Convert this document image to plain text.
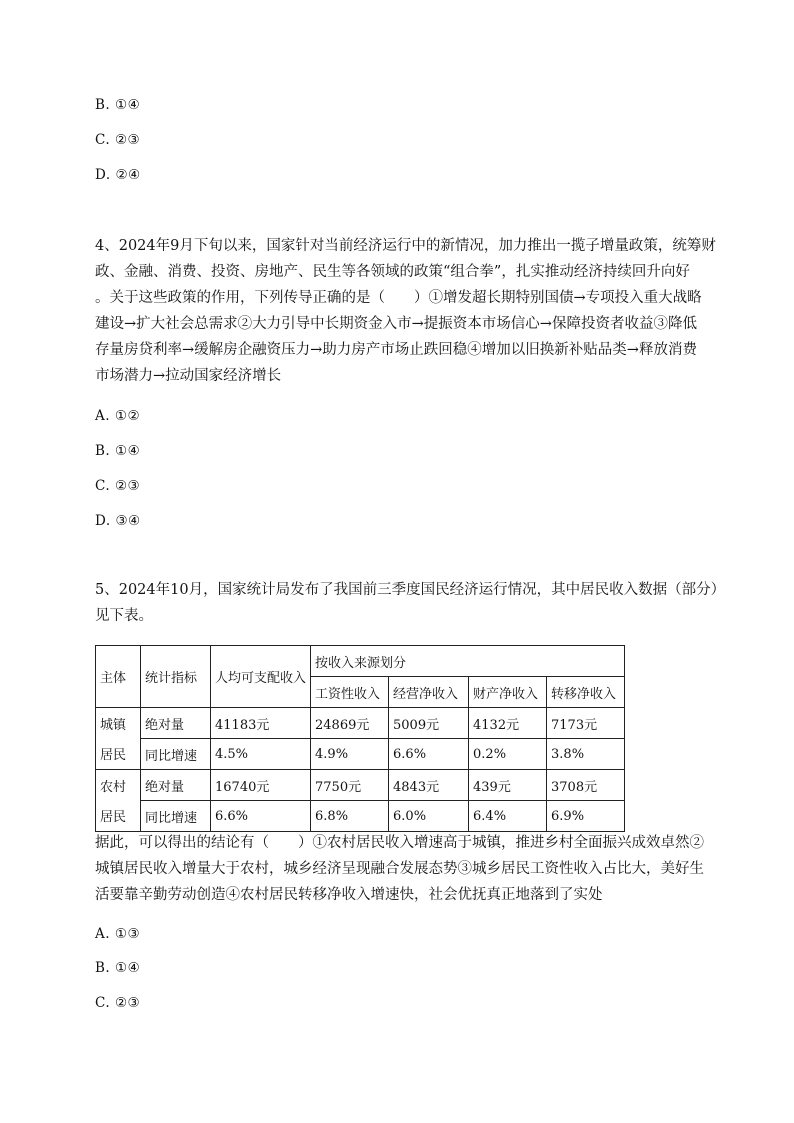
B. ①④
C. ②③
D. ②④

4、2024年9月下旬以来，国家针对当前经济运行中的新情况，加力推出一揽子增量政策，统筹财

政、金融、消费、投资、房地产、民生等各领域的政策“组合拳”，扎实推动经济持续回升向好

。关于这些政策的作用，下列传导正确的是（　　）①增发超长期特别国债→专项投入重大战略

建设→扩大社会总需求②大力引导中长期资金入市→提振资本市场信心→保障投资者收益③降低

存量房贷利率→缓解房企融资压力→助力房产市场止跌回稳④增加以旧换新补贴品类→释放消费

市场潜力→拉动国家经济增长

A. ①②
B. ①④
C. ②③
D. ③④

5、2024年10月，国家统计局发布了我国前三季度国民经济运行情况，其中居民收入数据（部分）

见下表。

主体	统计指标	人均可支配收入	按收入来源划分			
			工资性收入	经营净收入	财产净收入	转移净收入
城镇	绝对量	41183元	24869元	5009元	4132元	7173元
居民	同比增速	4.5%	4.9%	6.6%	0.2%	3.8%
农村	绝对量	16740元	7750元	4843元	439元	3708元
居民	同比增速	6.6%	6.8%	6.0%	6.4%	6.9%

据此，可以得出的结论有（　　）①农村居民收入增速高于城镇，推进乡村全面振兴成效卓然②

城镇居民收入增量大于农村，城乡经济呈现融合发展态势③城乡居民工资性收入占比大，美好生

活要靠辛勤劳动创造④农村居民转移净收入增速快，社会优抚真正地落到了实处

A. ①③
B. ①④
C. ②③
